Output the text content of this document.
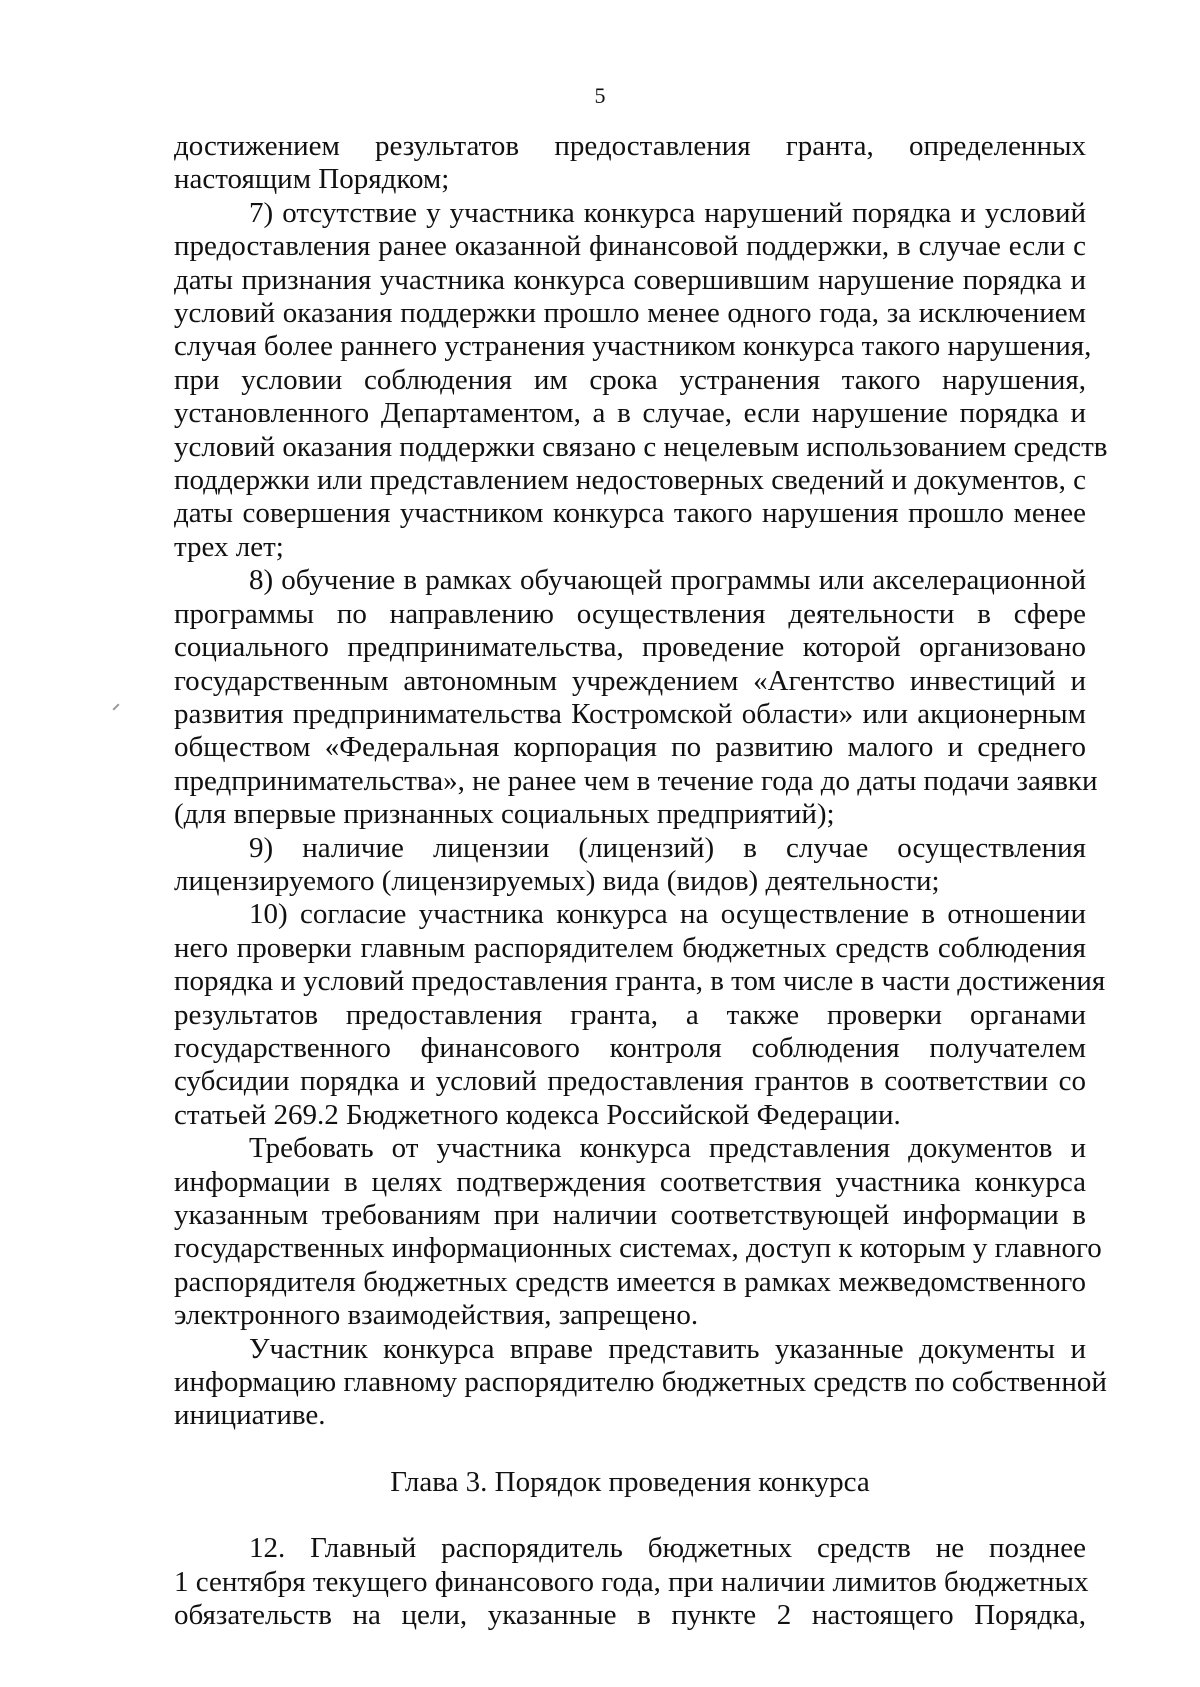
5
достижением результатов предоставления гранта, определенных
настоящим Порядком;
7) отсутствие у участника конкурса нарушений порядка и условий
предоставления ранее оказанной финансовой поддержки, в случае если с
даты признания участника конкурса совершившим нарушение порядка и
условий оказания поддержки прошло менее одного года, за исключением
случая более раннего устранения участником конкурса такого нарушения,
при условии соблюдения им срока устранения такого нарушения,
установленного Департаментом, а в случае, если нарушение порядка и
условий оказания поддержки связано с нецелевым использованием средств
поддержки или представлением недостоверных сведений и документов, с
даты совершения участником конкурса такого нарушения прошло менее
трех лет;
8) обучение в рамках обучающей программы или акселерационной
программы по направлению осуществления деятельности в сфере
социального предпринимательства, проведение которой организовано
государственным автономным учреждением «Агентство инвестиций и
развития предпринимательства Костромской области» или акционерным
обществом «Федеральная корпорация по развитию малого и среднего
предпринимательства», не ранее чем в течение года до даты подачи заявки
(для впервые признанных социальных предприятий);
9) наличие лицензии (лицензий) в случае осуществления
лицензируемого (лицензируемых) вида (видов) деятельности;
10) согласие участника конкурса на осуществление в отношении
него проверки главным распорядителем бюджетных средств соблюдения
порядка и условий предоставления гранта, в том числе в части достижения
результатов предоставления гранта, а также проверки органами
государственного финансового контроля соблюдения получателем
субсидии порядка и условий предоставления грантов в соответствии со
статьей 269.2 Бюджетного кодекса Российской Федерации.
Требовать от участника конкурса представления документов и
информации в целях подтверждения соответствия участника конкурса
указанным требованиям при наличии соответствующей информации в
государственных информационных системах, доступ к которым у главного
распорядителя бюджетных средств имеется в рамках межведомственного
электронного взаимодействия, запрещено.
Участник конкурса вправе представить указанные документы и
информацию главному распорядителю бюджетных средств по собственной
инициативе.
Глава 3. Порядок проведения конкурса
12. Главный распорядитель бюджетных средств не позднее
1 сентября текущего финансового года, при наличии лимитов бюджетных
обязательств на цели, указанные в пункте 2 настоящего Порядка,
